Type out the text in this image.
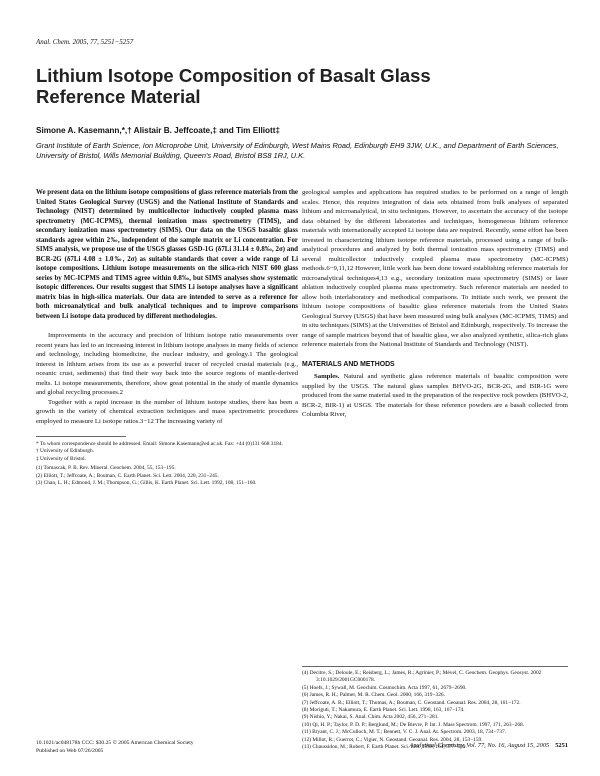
Anal. Chem. 2005, 77, 5251−5257
Lithium Isotope Composition of Basalt Glass Reference Material
Simone A. Kasemann,*,† Alistair B. Jeffcoate,‡ and Tim Elliott‡
Grant Institute of Earth Science, Ion Microprobe Unit, University of Edinburgh, West Mains Road, Edinburgh EH9 3JW, U.K., and Department of Earth Sciences, University of Bristol, Wills Memorial Building, Queen's Road, Bristol BS8 1RJ, U.K.

We present data on the lithium isotope compositions of glass reference materials from the United States Geological Survey (USGS) and the National Institute of Standards and Technology (NIST) determined by multicollector inductively coupled plasma mass spectrometry (MC-ICPMS), thermal ionization mass spectrometry (TIMS), and secondary ionization mass spectrometry (SIMS). Our data on the USGS basaltic glass standards agree within 2‰, independent of the sample matrix or Li concentration. For SIMS analysis, we propose use of the USGS glasses GSD-1G (δ7Li 31.14 ± 0.8‰, 2σ) and BCR-2G (δ7Li 4.08 ± 1.0‰, 2σ) as suitable standards that cover a wide range of Li isotope compositions. Lithium isotope measurements on the silica-rich NIST 600 glass series by MC-ICPMS and TIMS agree within 0.8‰, but SIMS analyses show systematic isotopic differences. Our results suggest that SIMS Li isotope analyses have a significant matrix bias in high-silica materials. Our data are intended to serve as a reference for both microanalytical and bulk analytical techniques and to improve comparisons between Li isotope data produced by different methodologies.

Improvements in the accuracy and precision of lithium isotope ratio measurements over recent years has led to an increasing interest in lithium isotope analyses in many fields of science and technology, including biomedicine, the nuclear industry, and geology.1 The geological interest in lithium arises from its use as a powerful tracer of recycled crustal materials (e.g., oceanic crust, sediments) that find their way back into the source regions of mantle-derived melts. Li isotope measurements, therefore, show great potential in the study of mantle dynamics and global recycling processes.2

Together with a rapid increase in the number of lithium isotope studies, there has been a growth in the variety of chemical extraction techniques and mass spectrometric procedures employed to measure Li isotope ratios.3−12 The increasing variety of

* To whom correspondence should be addressed. Email: Simone.Kasemann@ed.ac.uk. Fax: +44 (0)131 668 3184.

† University of Edinburgh.

‡ University of Bristol.

(1) Tomascak, P. B. Rev. Mineral. Geochem. 2004, 55, 153−195.
(2) Elliott, T.; Jeffcoate, A.; Bouman, C. Earth Planet. Sci. Lett. 2004, 220, 231−245.
(3) Chan, L. H.; Edmond, J. M.; Thompson, G.; Gillis, K. Earth Planet. Sci. Lett. 1992, 108, 151−160.

geological samples and applications has required studies to be performed on a range of length scales. Hence, this requires integration of data sets obtained from bulk analyses of separated lithium and microanalytical, in situ techniques. However, to ascertain the accuracy of the isotope data obtained by the different laboratories and techniques, homogeneous lithium reference materials with internationally accepted Li isotope data are required. Recently, some effort has been invested in characterizing lithium isotope reference materials, processed using a range of bulk-analytical procedures and analyzed by both thermal ionization mass spectrometry (TIMS) and several multicollector inductively coupled plasma mass spectrometry (MC-ICPMS) methods.6−9,11,12 However, little work has been done toward establishing reference materials for microanalytical techniques4,13 e.g., secondary ionization mass spectrometry (SIMS) or laser ablation inductively coupled plasma mass spectrometry. Such reference materials are needed to allow both interlaboratory and methodical comparisons. To initiate such work, we present the lithium isotope compositions of basaltic glass reference materials from the United States Geological Survey (USGS) that have been measured using bulk analyses (MC-ICPMS, TIMS) and in situ techniques (SIMS) at the Universities of Bristol and Edinburgh, respectively. To increase the range of sample matrices beyond that of basaltic glass, we also analyzed synthetic, silica-rich glass reference materials from the National Institute of Standards and Technology (NIST).

MATERIALS AND METHODS

Samples. Natural and synthetic glass reference materials of basaltic composition were supplied by the USGS. The natural glass samples BHVO-2G, BCR-2G, and BIR-1G were produced from the same material used in the preparation of the respective rock powders (BHVO-2, BCR-2, BIR-1) at USGS. The materials for these reference powders are a basalt collected from Columbia River,

(4) Decitre, S.; Deloule, E.; Reisberg, L.; James, R.; Agrinier, P.; Mével, C. Geochem. Geophys. Geosyst. 2002 3:10.1029/2001GC000178.
(5) Hoefs, J.; Sywall, M. Geochim. Cosmochim. Acta 1997, 61, 2679−2690.
(6) James, R. H.; Palmer, M. R. Chem. Geol. 2000, 166, 319−326.
(7) Jeffcoate, A. B.; Elliott, T.; Thomas, A.; Bouman, C. Geostand. Geoanal. Res. 2004, 28, 161−172.
(8) Moriguti, T.; Nakamura, E. Earth Planet. Sci. Lett. 1998, 163, 167−174.
(9) Nishio, Y.; Nakai, S. Anal. Chim. Acta 2002, 456, 271−281.
(10) Qi, H. P.; Taylor, P. D. P.; Berglund, M.; De Bievre, P. Int. J. Mass Spectrom. 1997, 171, 263−268.
(11) Bryant, C. J.; McCulloch, M. T.; Bennett, V. C. J. Anal. At. Spectrom. 2003, 18, 734−737.
(12) Millot, R.; Guerrot, C.; Vigier, N. Geostand. Geoanal. Res. 2004, 28, 153−159.
(13) Chaussidon, M.; Robert, F. Earth Planet. Sci. Lett. 1998, 164, 577−589.
10.1021/ac048178h CCC: $30.25 © 2005 American Chemical Society
Published on Web 07/26/2005
Analytical Chemistry, Vol. 77, No. 16, August 15, 2005 5251
